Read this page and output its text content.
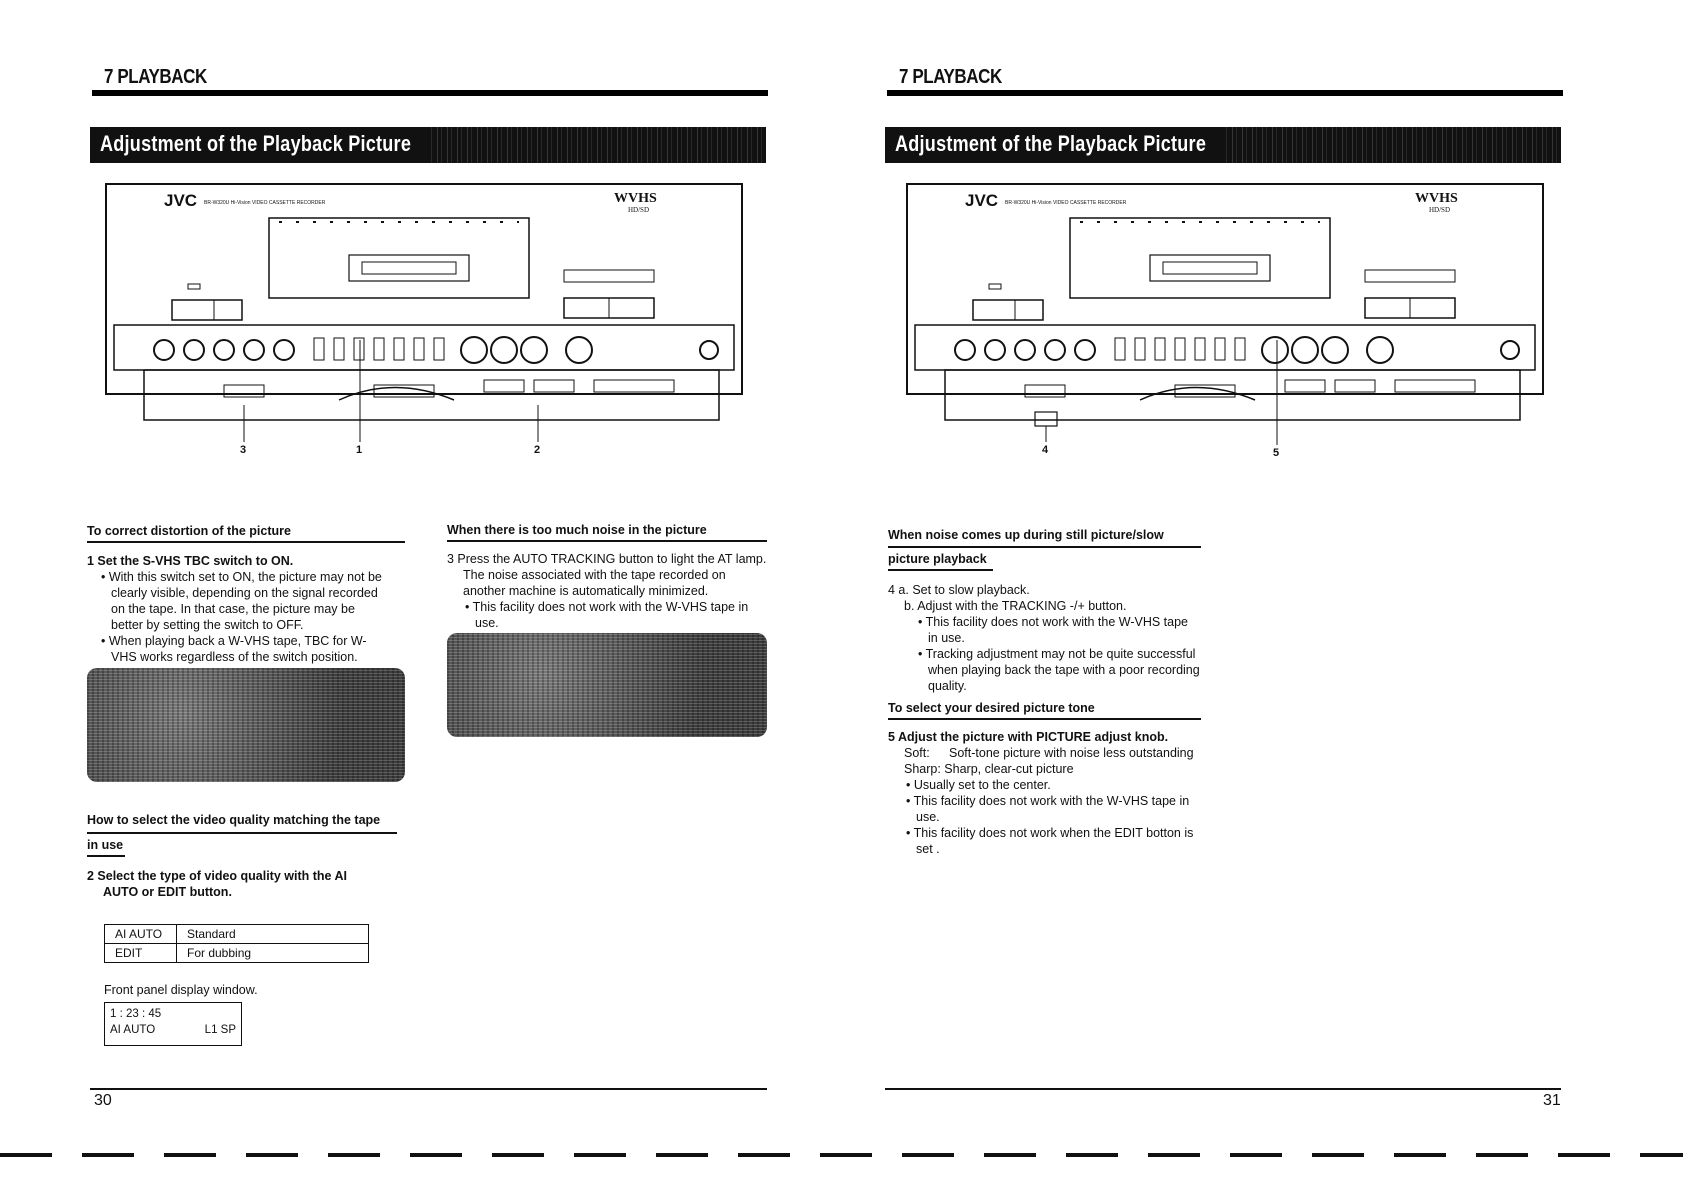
7 PLAYBACK
Adjustment of the Playback Picture
JVC BR-W320U Hi-Vision VIDEO CASSETTE RECORDER	WVHS
HD/SD
3	1	2
To correct distortion of the picture
1 Set the S-VHS TBC switch to ON.
• With this switch set to ON, the picture may not be clearly visible, depending on the signal recorded on the tape. In that case, the picture may be better by setting the switch to OFF.
• When playing back a W-VHS tape, TBC for W-VHS works regardless of the switch position.
How to select the video quality matching the tape
in use
2 Select the type of video quality with the AI AUTO or EDIT button.
AI AUTO	Standard
EDIT	For dubbing
Front panel display window.
1 : 23 : 45
AI AUTO	L1 SP
When there is too much noise in the picture
3 Press the AUTO TRACKING button to light the AT lamp. The noise associated with the tape recorded on another machine is automatically minimized.
• This facility does not work with the W-VHS tape in use.
30
7 PLAYBACK
Adjustment of the Playback Picture
JVC BR-W320U Hi-Vision VIDEO CASSETTE RECORDER	WVHS
HD/SD
4	5
When noise comes up during still picture/slow
picture playback
4 a. Set to slow playback.
b. Adjust with the TRACKING -/+ button.
• This facility does not work with the W-VHS tape in use.
• Tracking adjustment may not be quite successful when playing back the tape with a poor recording quality.
To select your desired picture tone
5 Adjust the picture with PICTURE adjust knob.
Soft:	Soft-tone picture with noise less outstanding
Sharp: Sharp, clear-cut picture
• Usually set to the center.
• This facility does not work with the W-VHS tape in use.
• This facility does not work when the EDIT botton is set .
31
